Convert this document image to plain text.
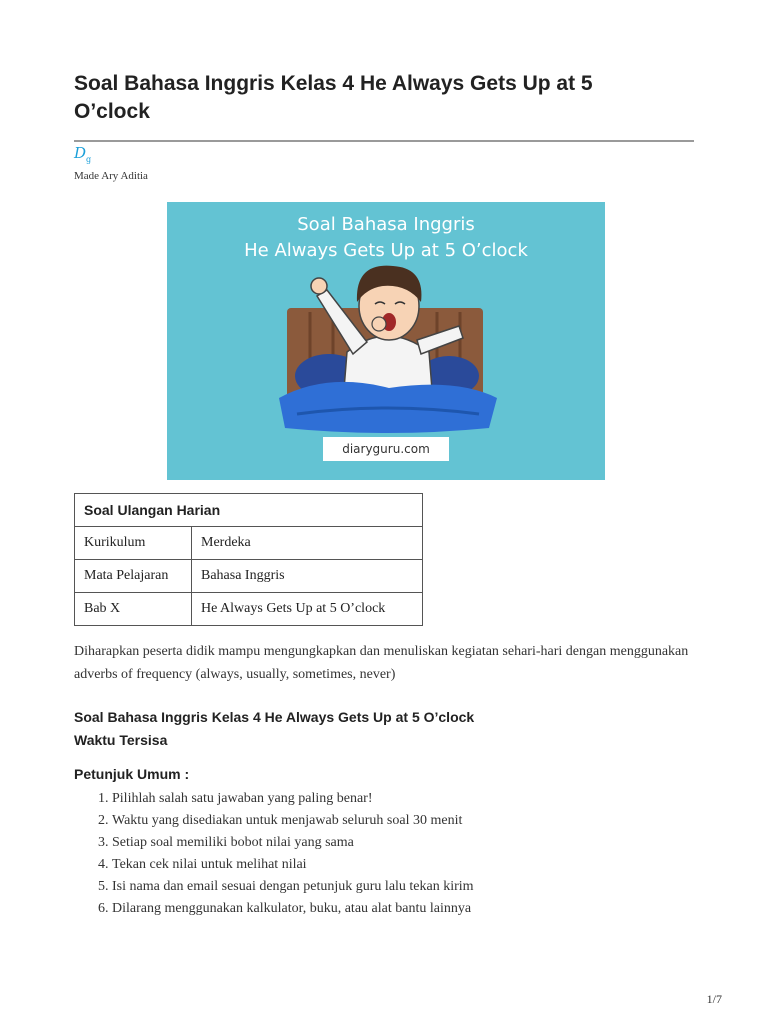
Soal Bahasa Inggris Kelas 4 He Always Gets Up at 5 O’clock
$D_g$
Made Ary Aditia
Soal Bahasa Inggris
He Always Gets Up at 5 O’clock
diaryguru.com
Soal Ulangan Harian	
Kurikulum	Merdeka
Mata Pelajaran	Bahasa Inggris
Bab X	He Always Gets Up at 5 O’clock
Diharapkan peserta didik mampu mengungkapkan dan menuliskan kegiatan sehari-hari dengan menggunakan adverbs of frequency (always, usually, sometimes, never)
Soal Bahasa Inggris Kelas 4 He Always Gets Up at 5 O’clock
Waktu Tersisa
Petunjuk Umum :
1. Pilihlah salah satu jawaban yang paling benar!
2. Waktu yang disediakan untuk menjawab seluruh soal 30 menit
3. Setiap soal memiliki bobot nilai yang sama
4. Tekan cek nilai untuk melihat nilai
5. Isi nama dan email sesuai dengan petunjuk guru lalu tekan kirim
6. Dilarang menggunakan kalkulator, buku, atau alat bantu lainnya
1/7
